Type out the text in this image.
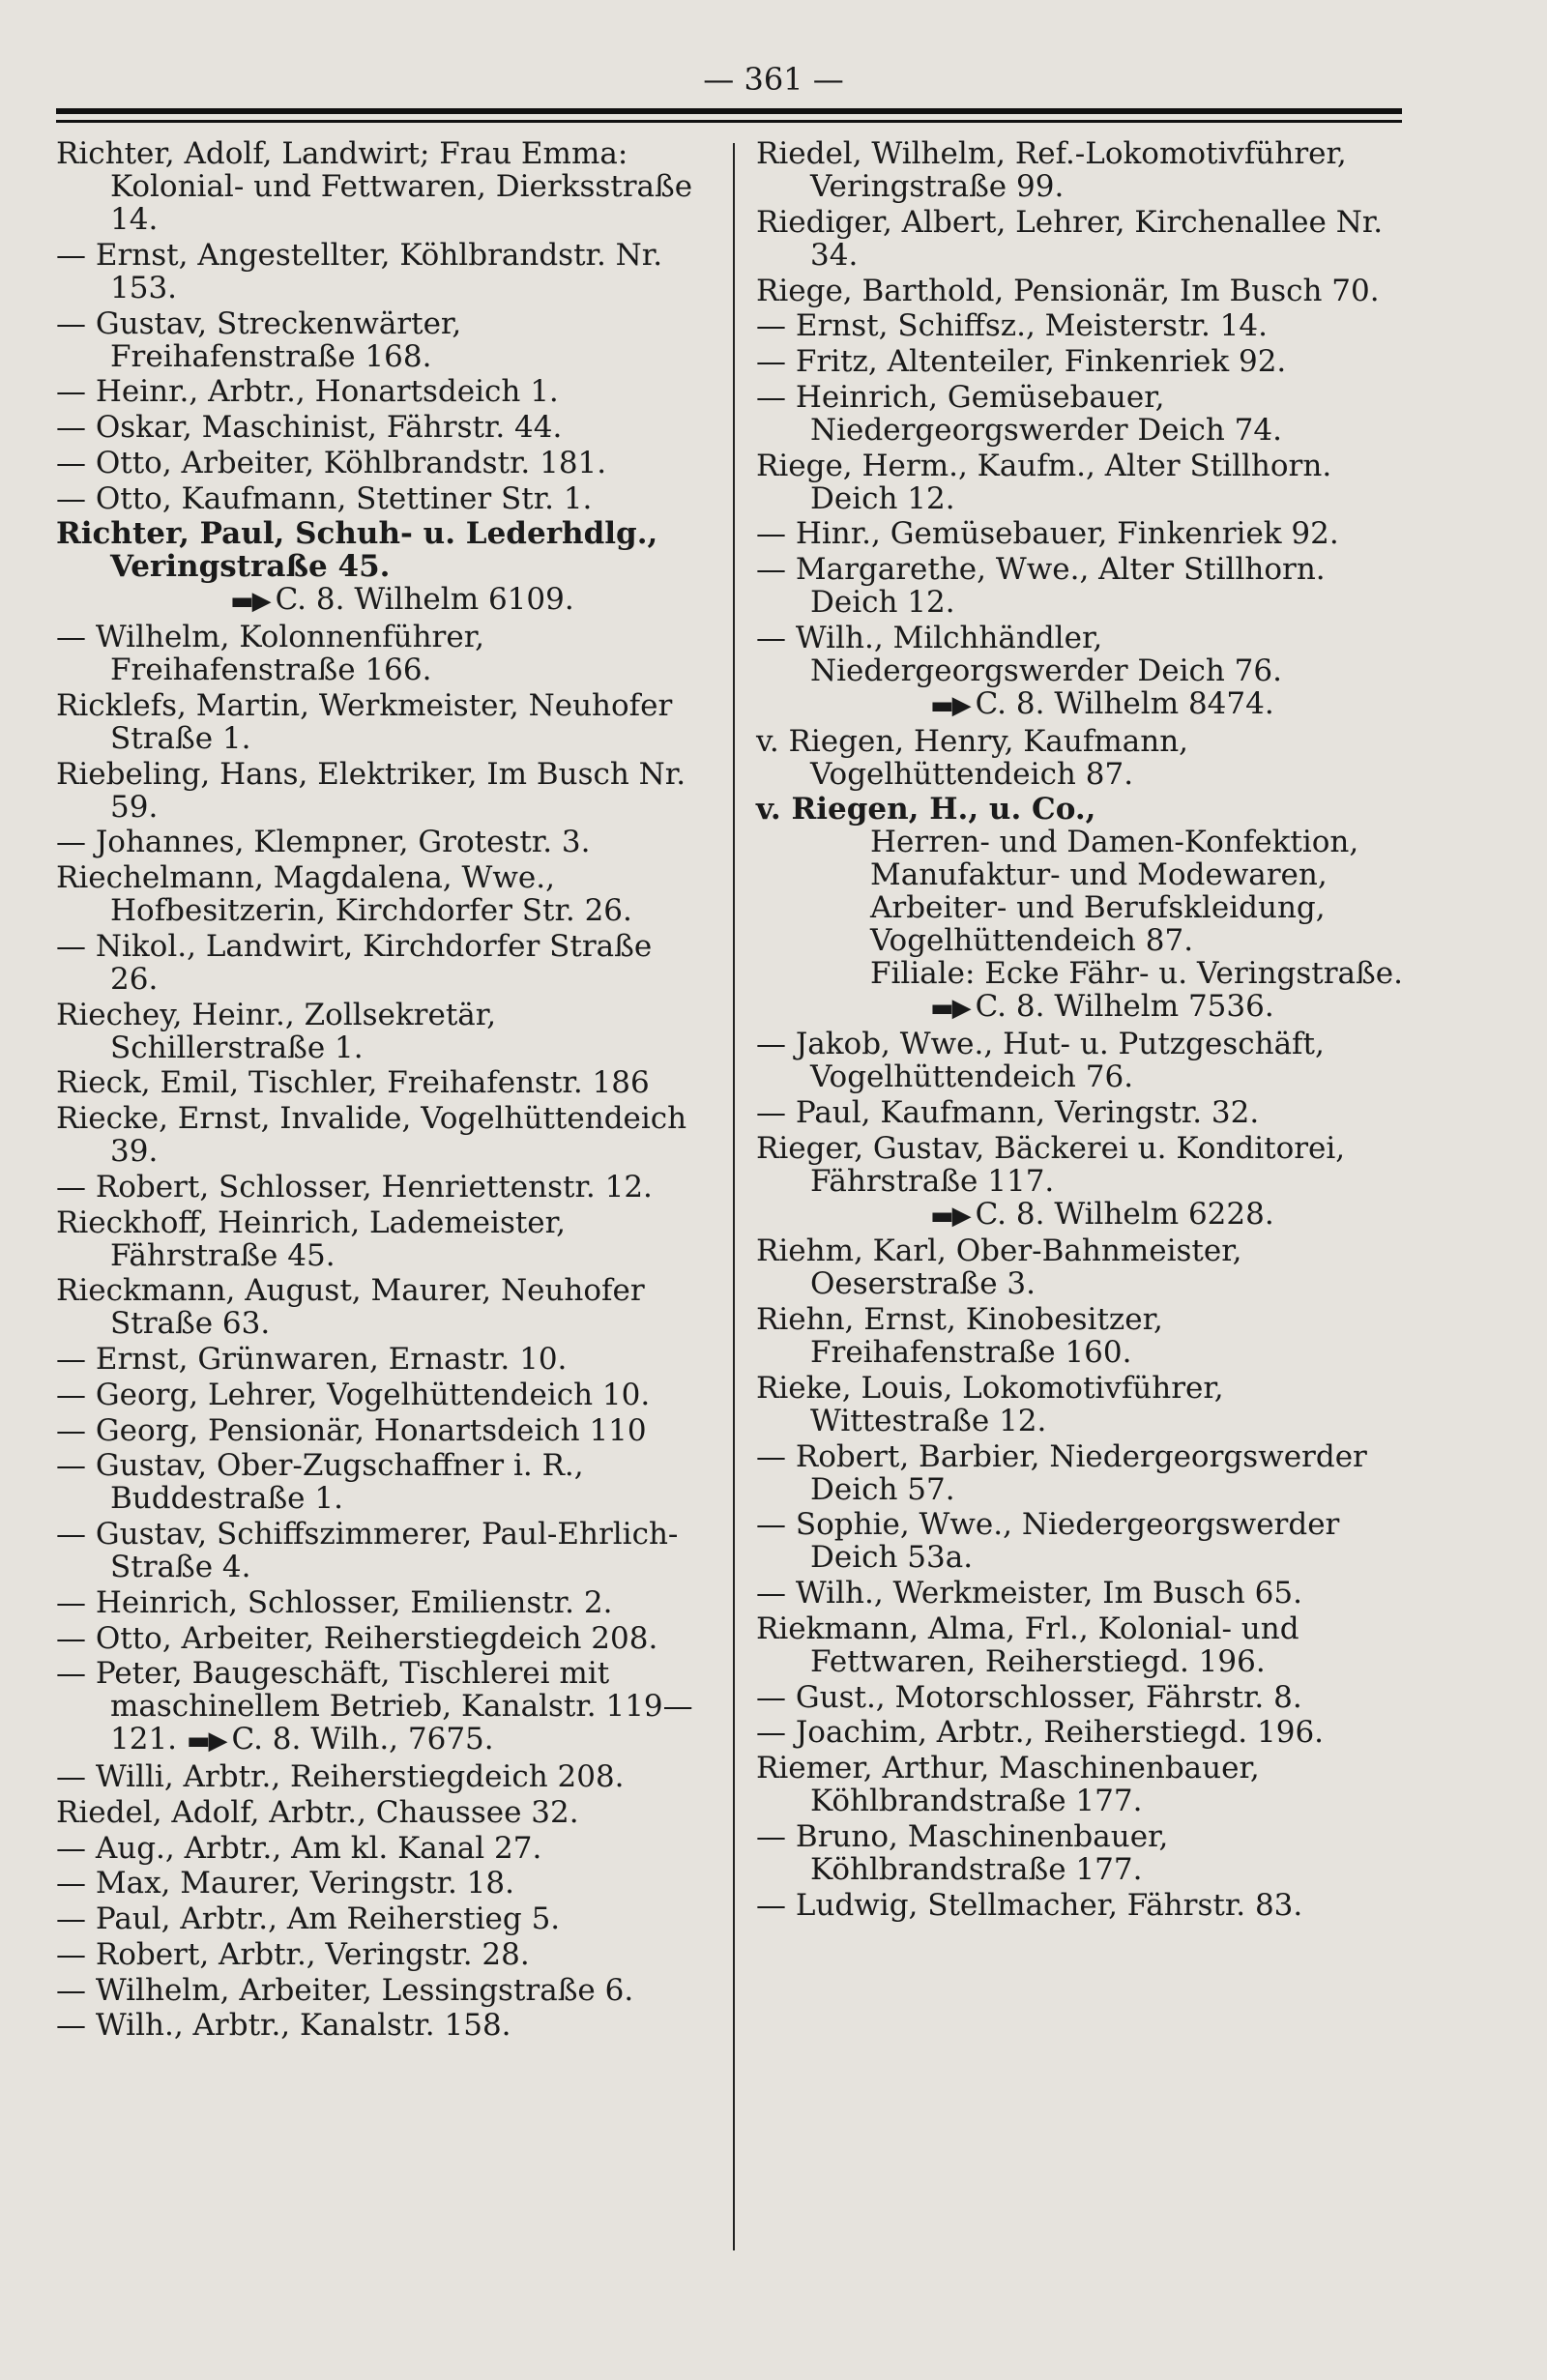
— 361 —
Richter, Adolf, Landwirt; Frau Emma: Kolonial- und Fettwaren, Dierksstraße 14.
— Ernst, Angestellter, Köhlbrandstr. Nr. 153.
— Gustav, Streckenwärter, Freihafenstraße 168.
— Heinr., Arbtr., Honartsdeich 1.
— Oskar, Maschinist, Fährstr. 44.
— Otto, Arbeiter, Köhlbrandstr. 181.
— Otto, Kaufmann, Stettiner Str. 1.
Richter, Paul, Schuh- u. Lederhdlg., Veringstraße 45.
▬▶ C. 8. Wilhelm 6109.
— Wilhelm, Kolonnenführer, Freihafenstraße 166.
Ricklefs, Martin, Werkmeister, Neuhofer Straße 1.
Riebeling, Hans, Elektriker, Im Busch Nr. 59.
— Johannes, Klempner, Grotestr. 3.
Riechelmann, Magdalena, Wwe., Hofbesitzerin, Kirchdorfer Str. 26.
— Nikol., Landwirt, Kirchdorfer Straße 26.
Riechey, Heinr., Zollsekretär, Schillerstraße 1.
Rieck, Emil, Tischler, Freihafenstr. 186
Riecke, Ernst, Invalide, Vogelhüttendeich 39.
— Robert, Schlosser, Henriettenstr. 12.
Rieckhoff, Heinrich, Lademeister, Fährstraße 45.
Rieckmann, August, Maurer, Neuhofer Straße 63.
— Ernst, Grünwaren, Ernastr. 10.
— Georg, Lehrer, Vogelhüttendeich 10.
— Georg, Pensionär, Honartsdeich 110
— Gustav, Ober-Zugschaffner i. R., Buddestraße 1.
— Gustav, Schiffszimmerer, Paul-Ehrlich-Straße 4.
— Heinrich, Schlosser, Emilienstr. 2.
— Otto, Arbeiter, Reiherstiegdeich 208.
— Peter, Baugeschäft, Tischlerei mit maschinellem Betrieb, Kanalstr. 119—121. ▬▶ C. 8. Wilh., 7675.
— Willi, Arbtr., Reiherstiegdeich 208.
Riedel, Adolf, Arbtr., Chaussee 32.
— Aug., Arbtr., Am kl. Kanal 27.
— Max, Maurer, Veringstr. 18.
— Paul, Arbtr., Am Reiherstieg 5.
— Robert, Arbtr., Veringstr. 28.
— Wilhelm, Arbeiter, Lessingstraße 6.
— Wilh., Arbtr., Kanalstr. 158.
Riedel, Wilhelm, Ref.-Lokomotivführer, Veringstraße 99.
Riediger, Albert, Lehrer, Kirchenallee Nr. 34.
Riege, Barthold, Pensionär, Im Busch 70.
— Ernst, Schiffsz., Meisterstr. 14.
— Fritz, Altenteiler, Finkenriek 92.
— Heinrich, Gemüsebauer, Niedergeorgswerder Deich 74.
Riege, Herm., Kaufm., Alter Stillhorn. Deich 12.
— Hinr., Gemüsebauer, Finkenriek 92.
— Margarethe, Wwe., Alter Stillhorn. Deich 12.
— Wilh., Milchhändler, Niedergeorgswerder Deich 76.
▬▶ C. 8. Wilhelm 8474.
v. Riegen, Henry, Kaufmann, Vogelhüttendeich 87.
v. Riegen, H., u. Co.,
Herren- und Damen-Konfektion, Manufaktur- und Modewaren, Arbeiter- und Berufskleidung, Vogelhüttendeich 87.
Filiale: Ecke Fähr- u. Veringstraße.
▬▶ C. 8. Wilhelm 7536.
— Jakob, Wwe., Hut- u. Putzgeschäft, Vogelhüttendeich 76.
— Paul, Kaufmann, Veringstr. 32.
Rieger, Gustav, Bäckerei u. Konditorei, Fährstraße 117.
▬▶ C. 8. Wilhelm 6228.
Riehm, Karl, Ober-Bahnmeister, Oeserstraße 3.
Riehn, Ernst, Kinobesitzer, Freihafenstraße 160.
Rieke, Louis, Lokomotivführer, Wittestraße 12.
— Robert, Barbier, Niedergeorgswerder Deich 57.
— Sophie, Wwe., Niedergeorgswerder Deich 53a.
— Wilh., Werkmeister, Im Busch 65.
Riekmann, Alma, Frl., Kolonial- und Fettwaren, Reiherstiegd. 196.
— Gust., Motorschlosser, Fährstr. 8.
— Joachim, Arbtr., Reiherstiegd. 196.
Riemer, Arthur, Maschinenbauer, Köhlbrandstraße 177.
— Bruno, Maschinenbauer, Köhlbrandstraße 177.
— Ludwig, Stellmacher, Fährstr. 83.
